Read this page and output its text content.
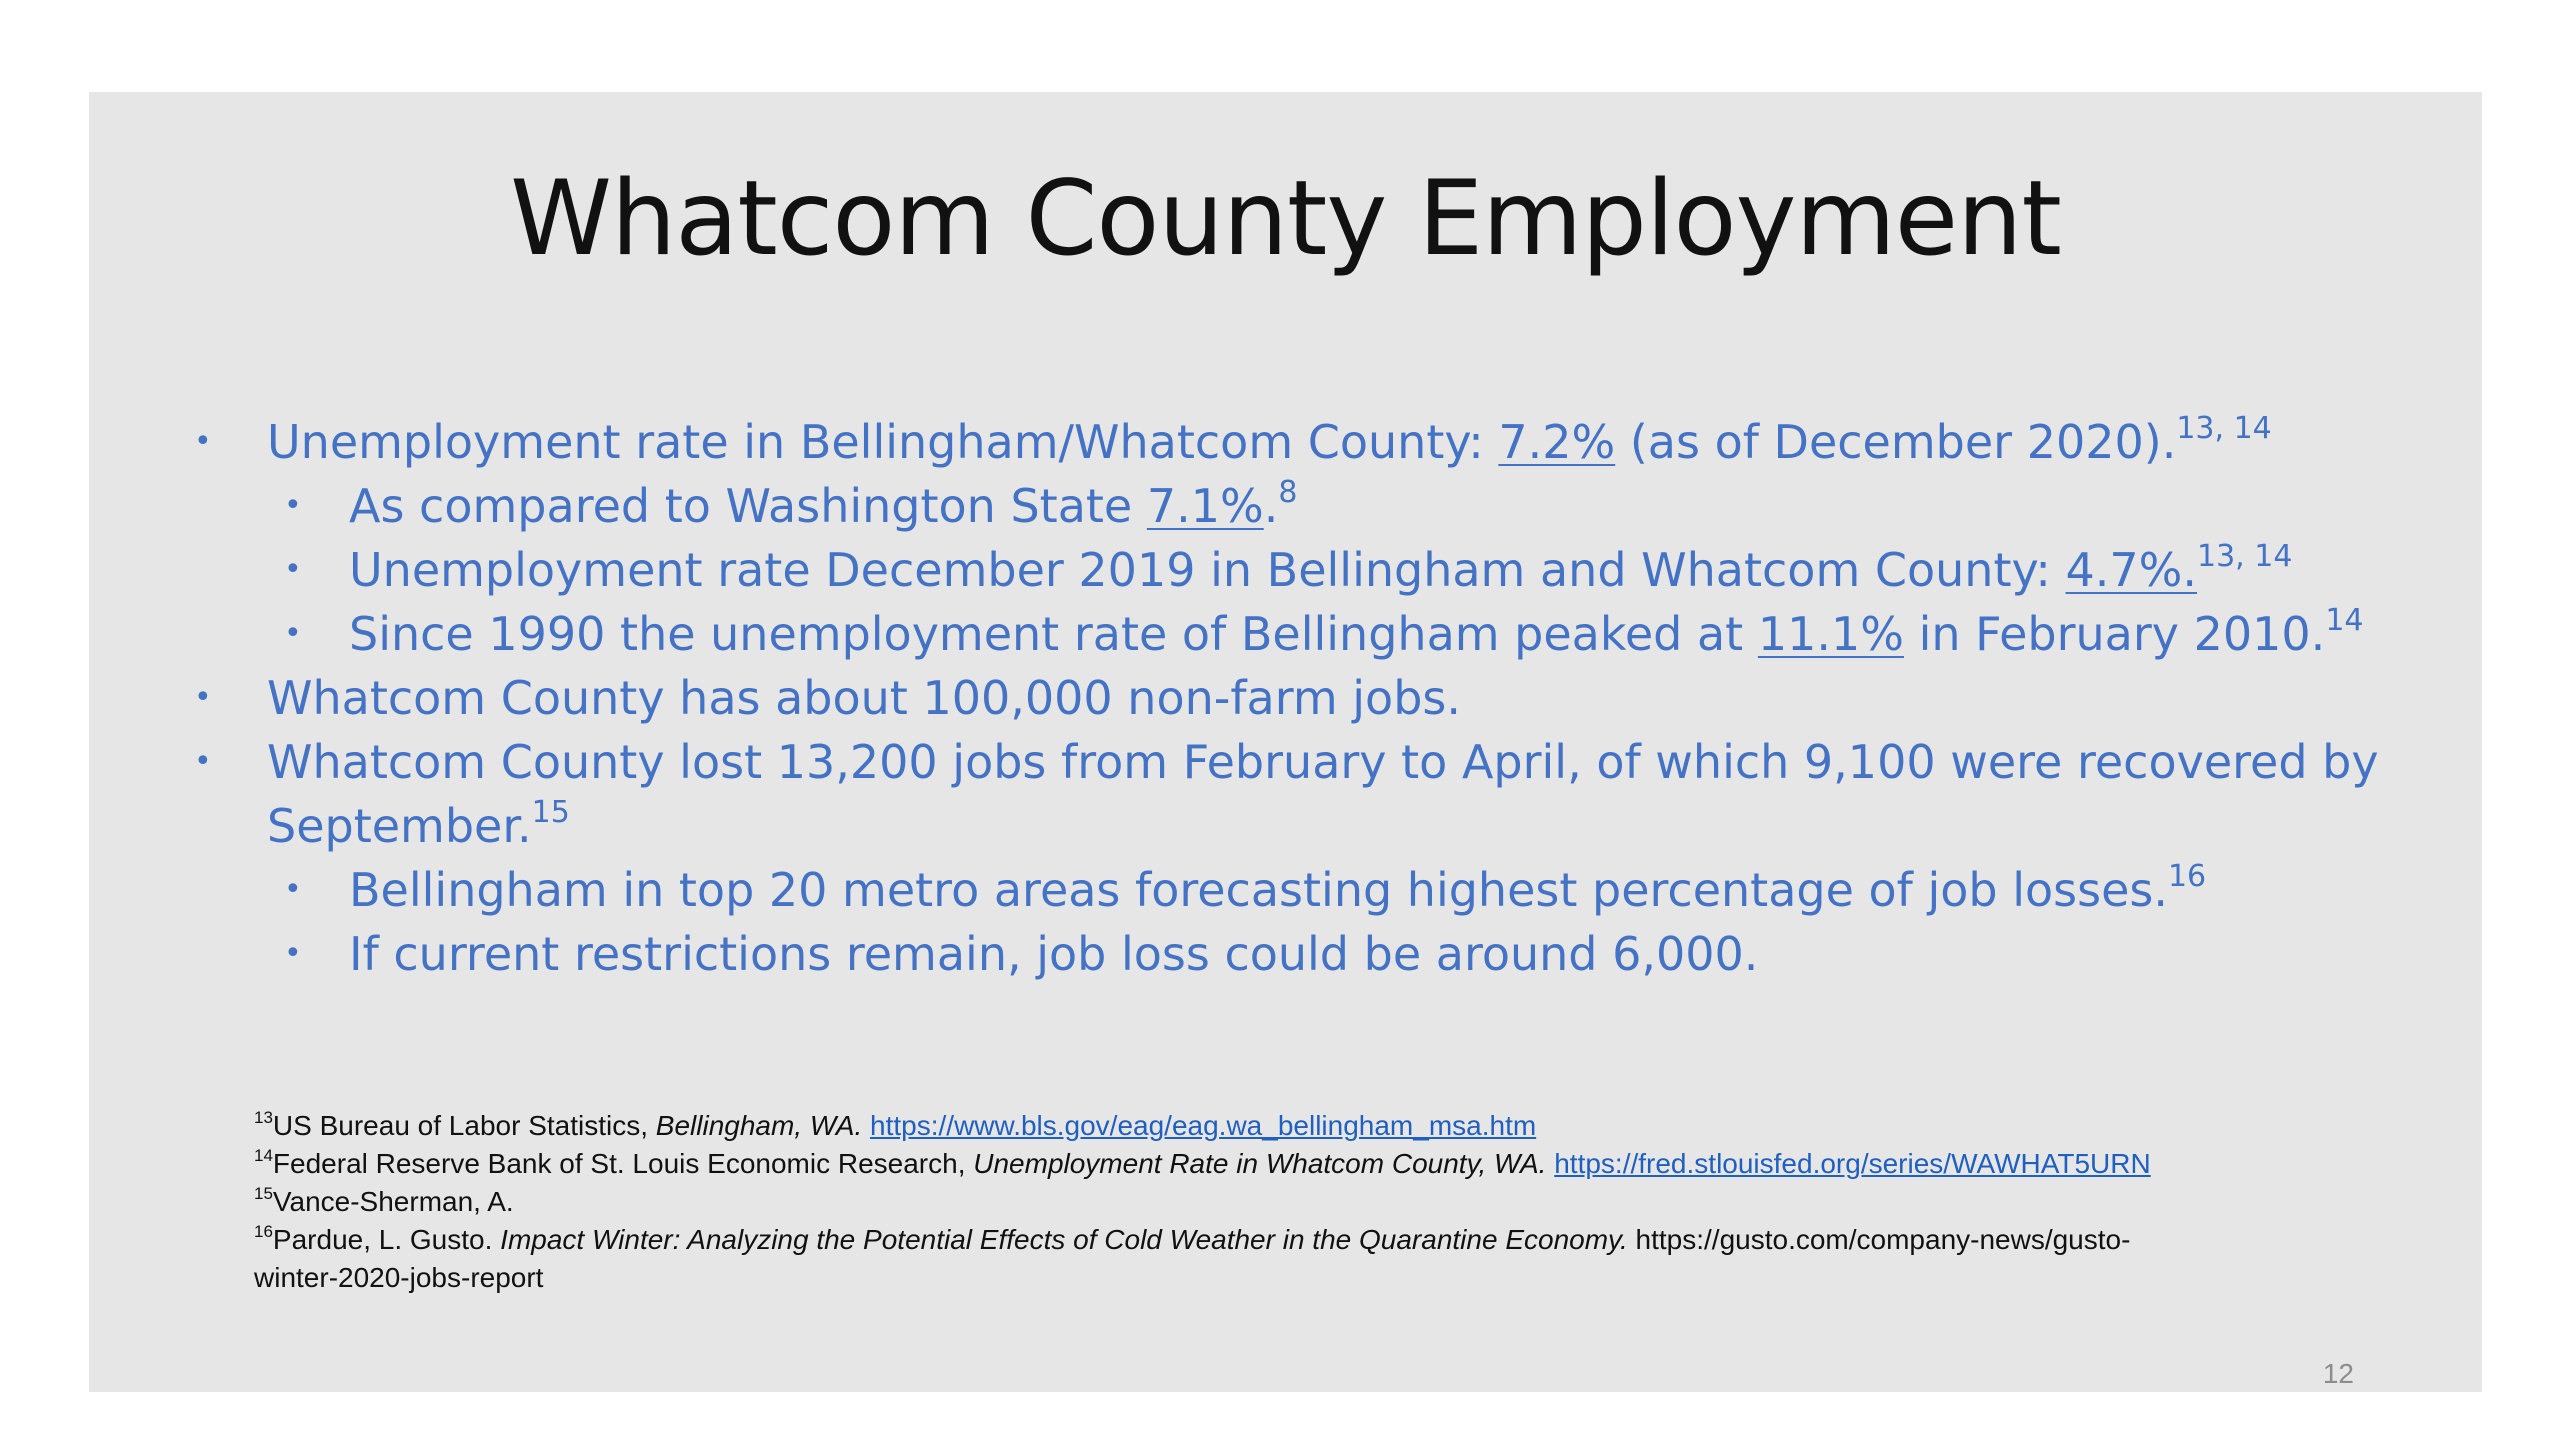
Whatcom County Employment
• Unemployment rate in Bellingham/Whatcom County: 7.2% (as of December 2020).$^{13, 14}$
• As compared to Washington State 7.1%.$^8$
• Unemployment rate December 2019 in Bellingham and Whatcom County: 4.7%.$^{13, 14}$
• Since 1990 the unemployment rate of Bellingham peaked at 11.1% in February 2010.14
• Whatcom County has about 100,000 non-farm jobs.
• Whatcom County lost 13,200 jobs from February to April, of which 9,100 were recovered by
September.$^{15}$
• Bellingham in top 20 metro areas forecasting highest percentage of job losses.$^{16}$
• If current restrictions remain, job loss could be around 6,000.
$^{13}$US Bureau of Labor Statistics, Bellingham, WA. https://www.bls.gov/eag/eag.wa_bellingham_msa.htm
$^{14}$Federal Reserve Bank of St. Louis Economic Research, Unemployment Rate in Whatcom County, WA. https://fred.stlouisfed.org/series/WAWHAT5URN
$^{15}$Vance-Sherman, A.
$^{16}$Pardue, L. Gusto. Impact Winter: Analyzing the Potential Effects of Cold Weather in the Quarantine Economy. https://gusto.com/company-news/gusto-
winter-2020-jobs-report
12
